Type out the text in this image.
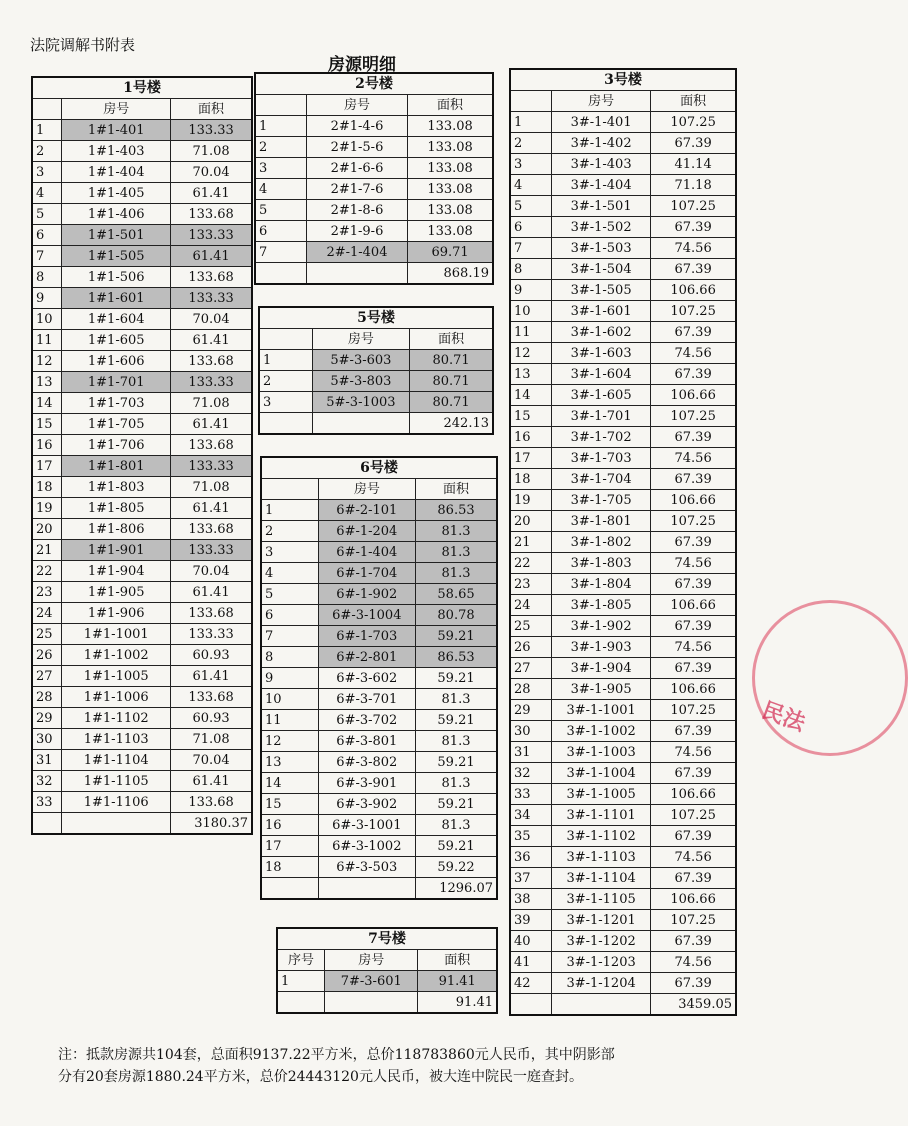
法院调解书附表
房源明细
1号楼		
	房号	面积
1	1#1-401	133.33
2	1#1-403	71.08
3	1#1-404	70.04
4	1#1-405	61.41
5	1#1-406	133.68
6	1#1-501	133.33
7	1#1-505	61.41
8	1#1-506	133.68
9	1#1-601	133.33
10	1#1-604	70.04
11	1#1-605	61.41
12	1#1-606	133.68
13	1#1-701	133.33
14	1#1-703	71.08
15	1#1-705	61.41
16	1#1-706	133.68
17	1#1-801	133.33
18	1#1-803	71.08
19	1#1-805	61.41
20	1#1-806	133.68
21	1#1-901	133.33
22	1#1-904	70.04
23	1#1-905	61.41
24	1#1-906	133.68
25	1#1-1001	133.33
26	1#1-1002	60.93
27	1#1-1005	61.41
28	1#1-1006	133.68
29	1#1-1102	60.93
30	1#1-1103	71.08
31	1#1-1104	70.04
32	1#1-1105	61.41
33	1#1-1106	133.68
		3180.37
2号楼		
	房号	面积
1	2#1-4-6	133.08
2	2#1-5-6	133.08
3	2#1-6-6	133.08
4	2#1-7-6	133.08
5	2#1-8-6	133.08
6	2#1-9-6	133.08
7	2#-1-404	69.71
		868.19
5号楼		
	房号	面积
1	5#-3-603	80.71
2	5#-3-803	80.71
3	5#-3-1003	80.71
		242.13
6号楼		
	房号	面积
1	6#-2-101	86.53
2	6#-1-204	81.3
3	6#-1-404	81.3
4	6#-1-704	81.3
5	6#-1-902	58.65
6	6#-3-1004	80.78
7	6#-1-703	59.21
8	6#-2-801	86.53
9	6#-3-602	59.21
10	6#-3-701	81.3
11	6#-3-702	59.21
12	6#-3-801	81.3
13	6#-3-802	59.21
14	6#-3-901	81.3
15	6#-3-902	59.21
16	6#-3-1001	81.3
17	6#-3-1002	59.21
18	6#-3-503	59.22
		1296.07
7号楼		
序号	房号	面积
1	7#-3-601	91.41
		91.41
3号楼		
	房号	面积
1	3#-1-401	107.25
2	3#-1-402	67.39
3	3#-1-403	41.14
4	3#-1-404	71.18
5	3#-1-501	107.25
6	3#-1-502	67.39
7	3#-1-503	74.56
8	3#-1-504	67.39
9	3#-1-505	106.66
10	3#-1-601	107.25
11	3#-1-602	67.39
12	3#-1-603	74.56
13	3#-1-604	67.39
14	3#-1-605	106.66
15	3#-1-701	107.25
16	3#-1-702	67.39
17	3#-1-703	74.56
18	3#-1-704	67.39
19	3#-1-705	106.66
20	3#-1-801	107.25
21	3#-1-802	67.39
22	3#-1-803	74.56
23	3#-1-804	67.39
24	3#-1-805	106.66
25	3#-1-902	67.39
26	3#-1-903	74.56
27	3#-1-904	67.39
28	3#-1-905	106.66
29	3#-1-1001	107.25
30	3#-1-1002	67.39
31	3#-1-1003	74.56
32	3#-1-1004	67.39
33	3#-1-1005	106.66
34	3#-1-1101	107.25
35	3#-1-1102	67.39
36	3#-1-1103	74.56
37	3#-1-1104	67.39
38	3#-1-1105	106.66
39	3#-1-1201	107.25
40	3#-1-1202	67.39
41	3#-1-1203	74.56
42	3#-1-1204	67.39
		3459.05
民法
注：抵款房源共104套，总面积9137.22平方米，总价118783860元人民币，其中阴影部
分有20套房源1880.24平方米，总价24443120元人民币，被大连中院民一庭查封。
